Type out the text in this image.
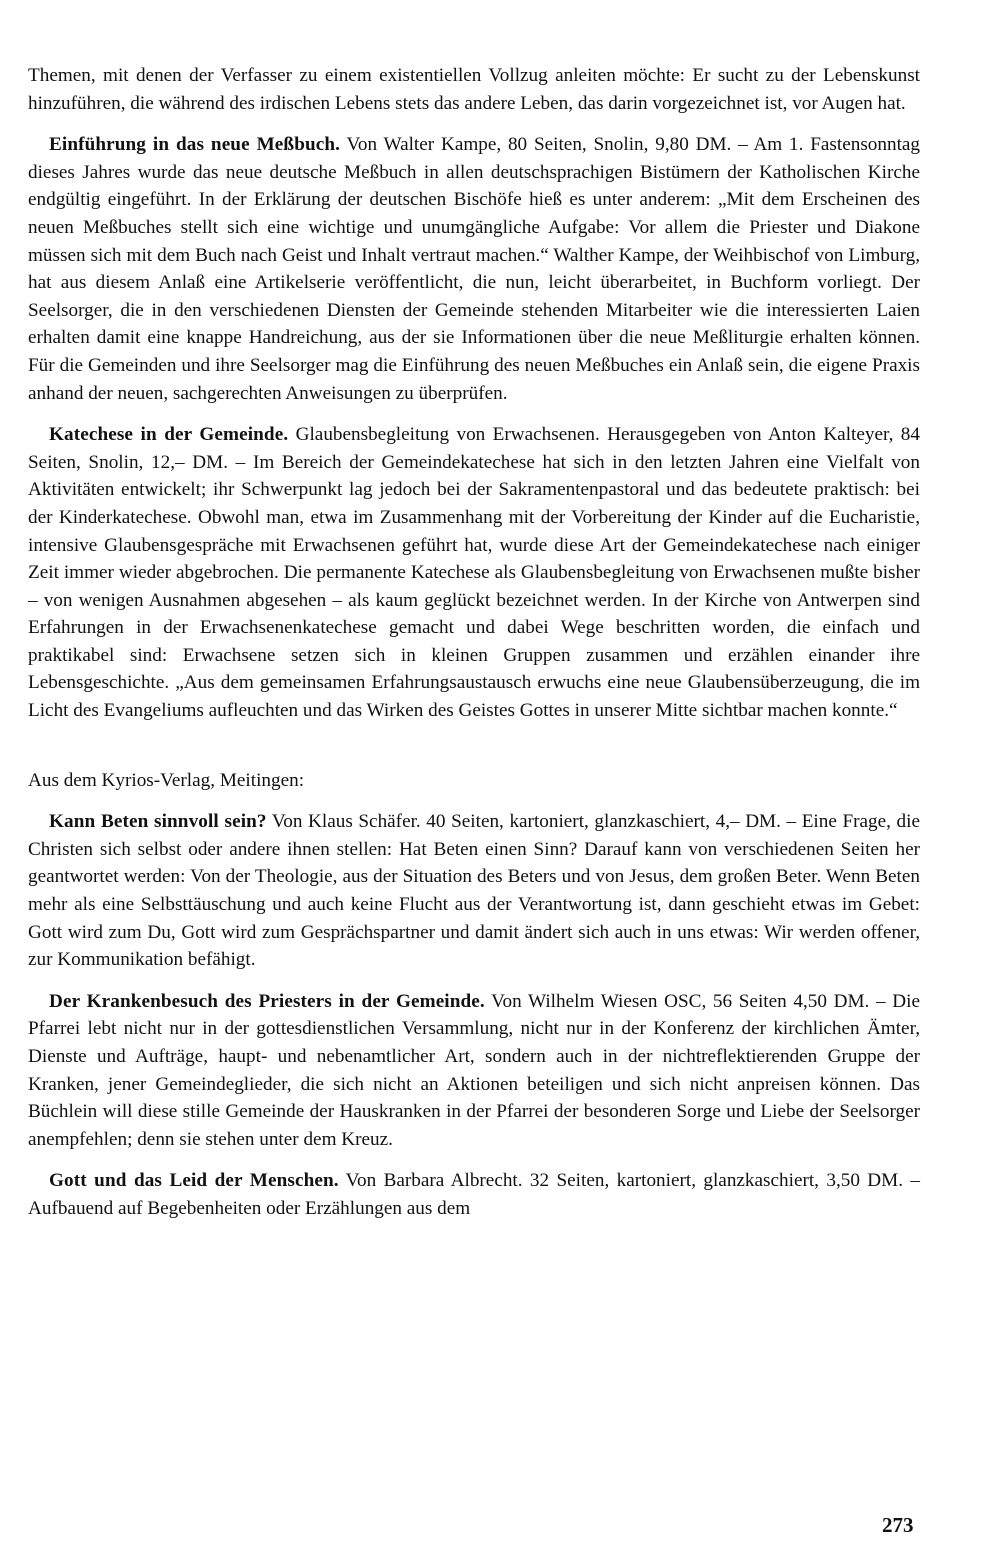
Themen, mit denen der Verfasser zu einem existentiellen Vollzug anleiten möchte: Er sucht zu der Lebenskunst hinzuführen, die während des irdischen Lebens stets das andere Leben, das darin vorgezeichnet ist, vor Augen hat.

Einführung in das neue Meßbuch. Von Walter Kampe, 80 Seiten, Snolin, 9,80 DM. – Am 1. Fastensonntag dieses Jahres wurde das neue deutsche Meßbuch in allen deutschsprachigen Bistümern der Katholischen Kirche endgültig eingeführt. In der Erklärung der deutschen Bischöfe hieß es unter anderem: „Mit dem Erscheinen des neuen Meßbuches stellt sich eine wichtige und unumgängliche Aufgabe: Vor allem die Priester und Diakone müssen sich mit dem Buch nach Geist und Inhalt vertraut machen.“ Walther Kampe, der Weihbischof von Limburg, hat aus diesem Anlaß eine Artikelserie veröffentlicht, die nun, leicht überarbeitet, in Buchform vorliegt. Der Seelsorger, die in den verschiedenen Diensten der Gemeinde stehenden Mitarbeiter wie die interessierten Laien erhalten damit eine knappe Handreichung, aus der sie Informationen über die neue Meßliturgie erhalten können. Für die Gemeinden und ihre Seelsorger mag die Einführung des neuen Meßbuches ein Anlaß sein, die eigene Praxis anhand der neuen, sachgerechten Anweisungen zu überprüfen.

Katechese in der Gemeinde. Glaubensbegleitung von Erwachsenen. Herausgegeben von Anton Kalteyer, 84 Seiten, Snolin, 12,– DM. – Im Bereich der Gemeindekatechese hat sich in den letzten Jahren eine Vielfalt von Aktivitäten entwickelt; ihr Schwerpunkt lag jedoch bei der Sakramentenpastoral und das bedeutete praktisch: bei der Kinderkatechese. Obwohl man, etwa im Zusammenhang mit der Vorbereitung der Kinder auf die Eucharistie, intensive Glaubensgespräche mit Erwachsenen geführt hat, wurde diese Art der Gemeindekatechese nach einiger Zeit immer wieder abgebrochen. Die permanente Katechese als Glaubensbegleitung von Erwachsenen mußte bisher – von wenigen Ausnahmen abgesehen – als kaum geglückt bezeichnet werden. In der Kirche von Antwerpen sind Erfahrungen in der Erwachsenenkatechese gemacht und dabei Wege beschritten worden, die einfach und praktikabel sind: Erwachsene setzen sich in kleinen Gruppen zusammen und erzählen einander ihre Lebensgeschichte. „Aus dem gemeinsamen Erfahrungsaustausch erwuchs eine neue Glaubensüberzeugung, die im Licht des Evangeliums aufleuchten und das Wirken des Geistes Gottes in unserer Mitte sichtbar machen konnte.“

Aus dem Kyrios-Verlag, Meitingen:

Kann Beten sinnvoll sein? Von Klaus Schäfer. 40 Seiten, kartoniert, glanzkaschiert, 4,– DM. – Eine Frage, die Christen sich selbst oder andere ihnen stellen: Hat Beten einen Sinn? Darauf kann von verschiedenen Seiten her geantwortet werden: Von der Theologie, aus der Situation des Beters und von Jesus, dem großen Beter. Wenn Beten mehr als eine Selbsttäuschung und auch keine Flucht aus der Verantwortung ist, dann geschieht etwas im Gebet: Gott wird zum Du, Gott wird zum Gesprächspartner und damit ändert sich auch in uns etwas: Wir werden offener, zur Kommunikation befähigt.

Der Krankenbesuch des Priesters in der Gemeinde. Von Wilhelm Wiesen OSC, 56 Seiten 4,50 DM. – Die Pfarrei lebt nicht nur in der gottesdienstlichen Versammlung, nicht nur in der Konferenz der kirchlichen Ämter, Dienste und Aufträge, haupt- und nebenamtlicher Art, sondern auch in der nichtreflektierenden Gruppe der Kranken, jener Gemeindeglieder, die sich nicht an Aktionen beteiligen und sich nicht anpreisen können. Das Büchlein will diese stille Gemeinde der Hauskranken in der Pfarrei der besonderen Sorge und Liebe der Seelsorger anempfehlen; denn sie stehen unter dem Kreuz.

Gott und das Leid der Menschen. Von Barbara Albrecht. 32 Seiten, kartoniert, glanzkaschiert, 3,50 DM. – Aufbauend auf Begebenheiten oder Erzählungen aus dem

273
